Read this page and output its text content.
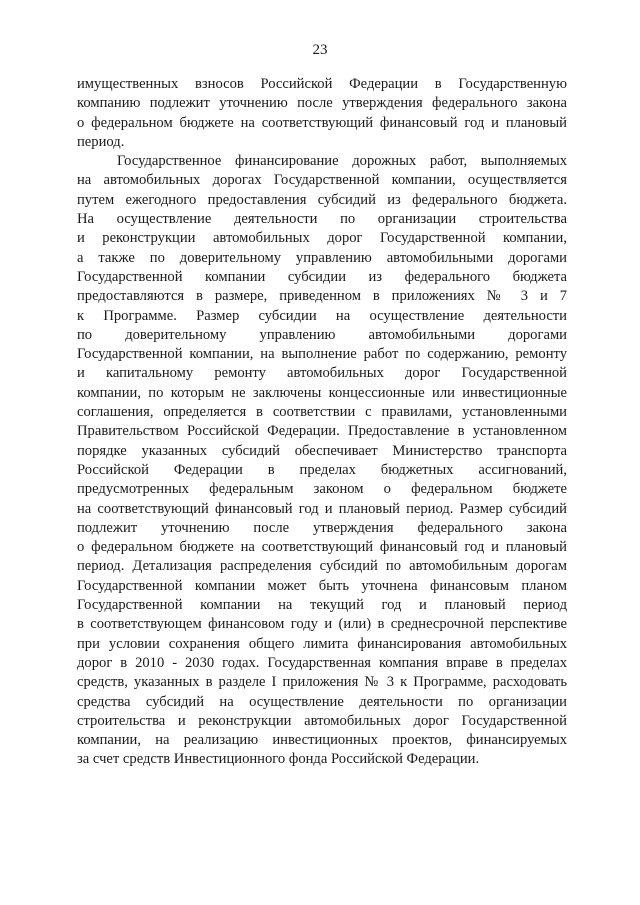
23
имущественных взносов Российской Федерации в Государственную
компанию подлежит уточнению после утверждения федерального закона
о федеральном бюджете на соответствующий финансовый год и плановый
период.
Государственное финансирование дорожных работ, выполняемых
на автомобильных дорогах Государственной компании, осуществляется
путем ежегодного предоставления субсидий из федерального бюджета.
На осуществление деятельности по организации строительства
и реконструкции автомобильных дорог Государственной компании,
а также по доверительному управлению автомобильными дорогами
Государственной компании субсидии из федерального бюджета
предоставляются в размере, приведенном в приложениях № 3 и 7
к Программе. Размер субсидии на осуществление деятельности
по доверительному управлению автомобильными дорогами
Государственной компании, на выполнение работ по содержанию, ремонту
и капитальному ремонту автомобильных дорог Государственной
компании, по которым не заключены концессионные или инвестиционные
соглашения, определяется в соответствии с правилами, установленными
Правительством Российской Федерации. Предоставление в установленном
порядке указанных субсидий обеспечивает Министерство транспорта
Российской Федерации в пределах бюджетных ассигнований,
предусмотренных федеральным законом о федеральном бюджете
на соответствующий финансовый год и плановый период. Размер субсидий
подлежит уточнению после утверждения федерального закона
о федеральном бюджете на соответствующий финансовый год и плановый
период. Детализация распределения субсидий по автомобильным дорогам
Государственной компании может быть уточнена финансовым планом
Государственной компании на текущий год и плановый период
в соответствующем финансовом году и (или) в среднесрочной перспективе
при условии сохранения общего лимита финансирования автомобильных
дорог в 2010 - 2030 годах. Государственная компания вправе в пределах
средств, указанных в разделе I приложения № 3 к Программе, расходовать
средства субсидий на осуществление деятельности по организации
строительства и реконструкции автомобильных дорог Государственной
компании, на реализацию инвестиционных проектов, финансируемых
за счет средств Инвестиционного фонда Российской Федерации.
